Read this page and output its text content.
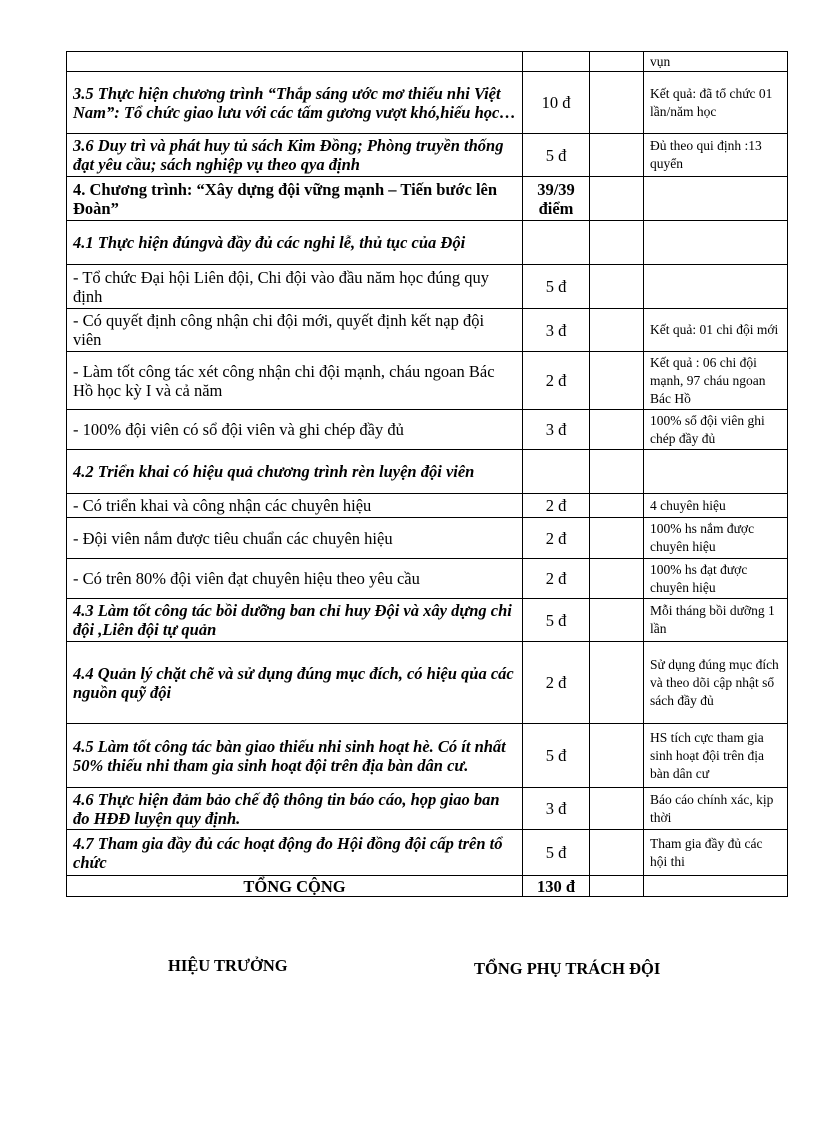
			vụn
3.5 Thực hiện chương trình “Thắp sáng ước mơ thiếu nhi Việt Nam”: Tổ chức giao lưu với các tấm gương vượt khó,hiếu học…	10 đ		Kết quả: đã tổ chức 01 lần/năm học
3.6 Duy trì và phát huy tủ sách Kim Đồng; Phòng truyền thống đạt yêu cầu; sách nghiệp vụ theo qya định	5 đ		Đủ theo qui định :13 quyển
4. Chương trình: “Xây dựng đội vững mạnh – Tiến bước lên Đoàn”	39/39 điểm		
4.1 Thực hiện đúngvà đầy đủ các nghi lễ, thủ tục của Đội			
- Tổ chức Đại hội Liên đội, Chi đội vào đầu năm học đúng quy định	5 đ		
- Có quyết định công nhận chi đội mới, quyết định kết nạp đội viên	3 đ		Kết quả: 01 chi đội mới
- Làm tốt công tác xét công nhận chi đội mạnh, cháu ngoan Bác Hồ học kỳ I và cả năm	2 đ		Kết quả : 06 chi đội mạnh, 97 cháu ngoan Bác Hồ
- 100% đội viên có sổ đội viên và ghi chép đầy đủ	3 đ		100% sổ đội viên ghi chép đầy đủ
4.2 Triển khai có hiệu quả chương trình rèn luyện đội viên			
- Có triển khai và công nhận các chuyên hiệu	2 đ		4 chuyên hiệu
- Đội viên nắm được tiêu chuẩn các chuyên hiệu	2 đ		100% hs nắm được chuyên hiệu
- Có trên 80% đội viên đạt chuyên hiệu theo yêu cầu	2 đ		100% hs đạt được chuyên hiệu
4.3 Làm tốt công tác bồi dưỡng ban chỉ huy Đội và xây dựng chi đội ,Liên đội tự quản	5 đ		Mỗi tháng bồi dưỡng 1 lần
4.4 Quản lý chặt chẽ và sử dụng đúng mục đích, có hiệu qủa các nguồn quỹ đội	2 đ		Sử dụng đúng mục đích và theo dõi cập nhật sổ sách đầy đủ
4.5 Làm tốt công tác bàn giao thiếu nhi sinh hoạt hè. Có ít nhất 50% thiếu nhi tham gia sinh hoạt đội trên địa bàn dân cư.	5 đ		HS tích cực tham gia sinh hoạt đội trên địa bàn dân cư
4.6 Thực hiện đảm bảo chế độ thông tin báo cáo, họp giao ban đo HĐĐ luyện quy định.	3 đ		Báo cáo chính xác, kịp thời
4.7 Tham gia đầy đủ các hoạt động đo Hội đồng đội cấp trên tổ chức	5 đ		Tham gia đầy đủ các hội thi
TỔNG CỘNG	130 đ		
HIỆU TRƯỞNG	TỔNG PHỤ TRÁCH ĐỘI
